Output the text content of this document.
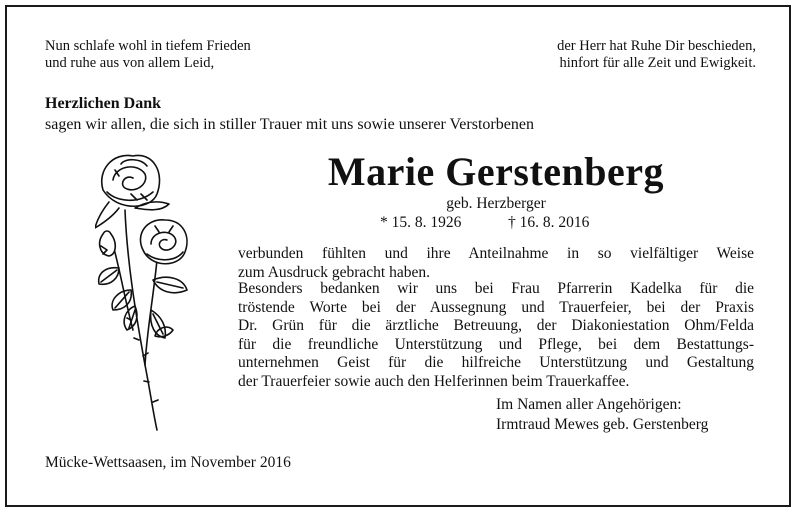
Nun schlafe wohl in tiefem Frieden
und ruhe aus von allem Leid,
der Herr hat Ruhe Dir beschieden,
hinfort für alle Zeit und Ewigkeit.
Herzlichen Dank
sagen wir allen, die sich in stiller Trauer mit uns sowie unserer Verstorbenen
Marie Gerstenberg
geb. Herzberger
* 15. 8. 1926	† 16. 8. 2016
verbunden fühlten und ihre Anteilnahme in so vielfältiger Weise
zum Ausdruck gebracht haben.
Besonders bedanken wir uns bei Frau Pfarrerin Kadelka für die
tröstende Worte bei der Aussegnung und Trauerfeier, bei der Praxis
Dr. Grün für die ärztliche Betreuung, der Diakoniestation Ohm/Felda
für die freundliche Unterstützung und Pflege, bei dem Bestattungs-
unternehmen Geist für die hilfreiche Unterstützung und Gestaltung
der Trauerfeier sowie auch den Helferinnen beim Trauerkaffee.
Im Namen aller Angehörigen:
Irmtraud Mewes geb. Gerstenberg
Mücke-Wettsaasen, im November 2016
